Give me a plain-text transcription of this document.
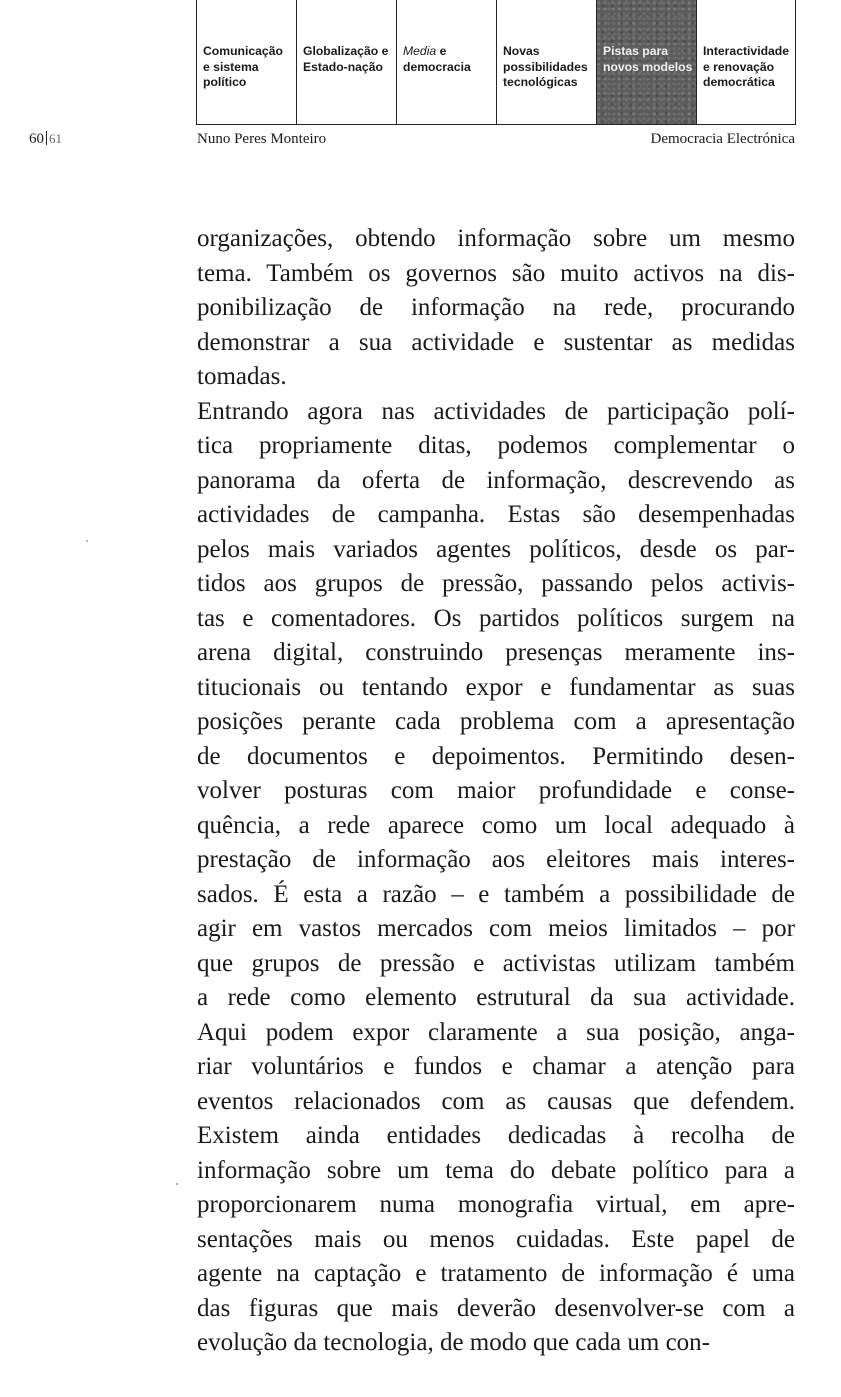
Comunicação
e sistema
político
Globalização e
Estado-nação
Media e
democracia
Novas
possibilidades
tecnológicas
Pistas para
novos modelos
Interactividade
e renovação
democrática
60 61	Nuno Peres Monteiro	Democracia Electrónica

organizações, obtendo informação sobre um mesmo
tema. Também os governos são muito activos na dis-
ponibilização de informação na rede, procurando
demonstrar a sua actividade e sustentar as medidas
tomadas.

Entrando agora nas actividades de participação polí-
tica propriamente ditas, podemos complementar o
panorama da oferta de informação, descrevendo as
actividades de campanha. Estas são desempenhadas
pelos mais variados agentes políticos, desde os par-
tidos aos grupos de pressão, passando pelos activis-
tas e comentadores. Os partidos políticos surgem na
arena digital, construindo presenças meramente ins-
titucionais ou tentando expor e fundamentar as suas
posições perante cada problema com a apresentação
de documentos e depoimentos. Permitindo desen-
volver posturas com maior profundidade e conse-
quência, a rede aparece como um local adequado à
prestação de informação aos eleitores mais interes-
sados. É esta a razão – e também a possibilidade de
agir em vastos mercados com meios limitados – por
que grupos de pressão e activistas utilizam também
a rede como elemento estrutural da sua actividade.
Aqui podem expor claramente a sua posição, anga-
riar voluntários e fundos e chamar a atenção para
eventos relacionados com as causas que defendem.
Existem ainda entidades dedicadas à recolha de
informação sobre um tema do debate político para a
proporcionarem numa monografia virtual, em apre-
sentações mais ou menos cuidadas. Este papel de
agente na captação e tratamento de informação é uma
das figuras que mais deverão desenvolver-se com a
evolução da tecnologia, de modo que cada um con-
